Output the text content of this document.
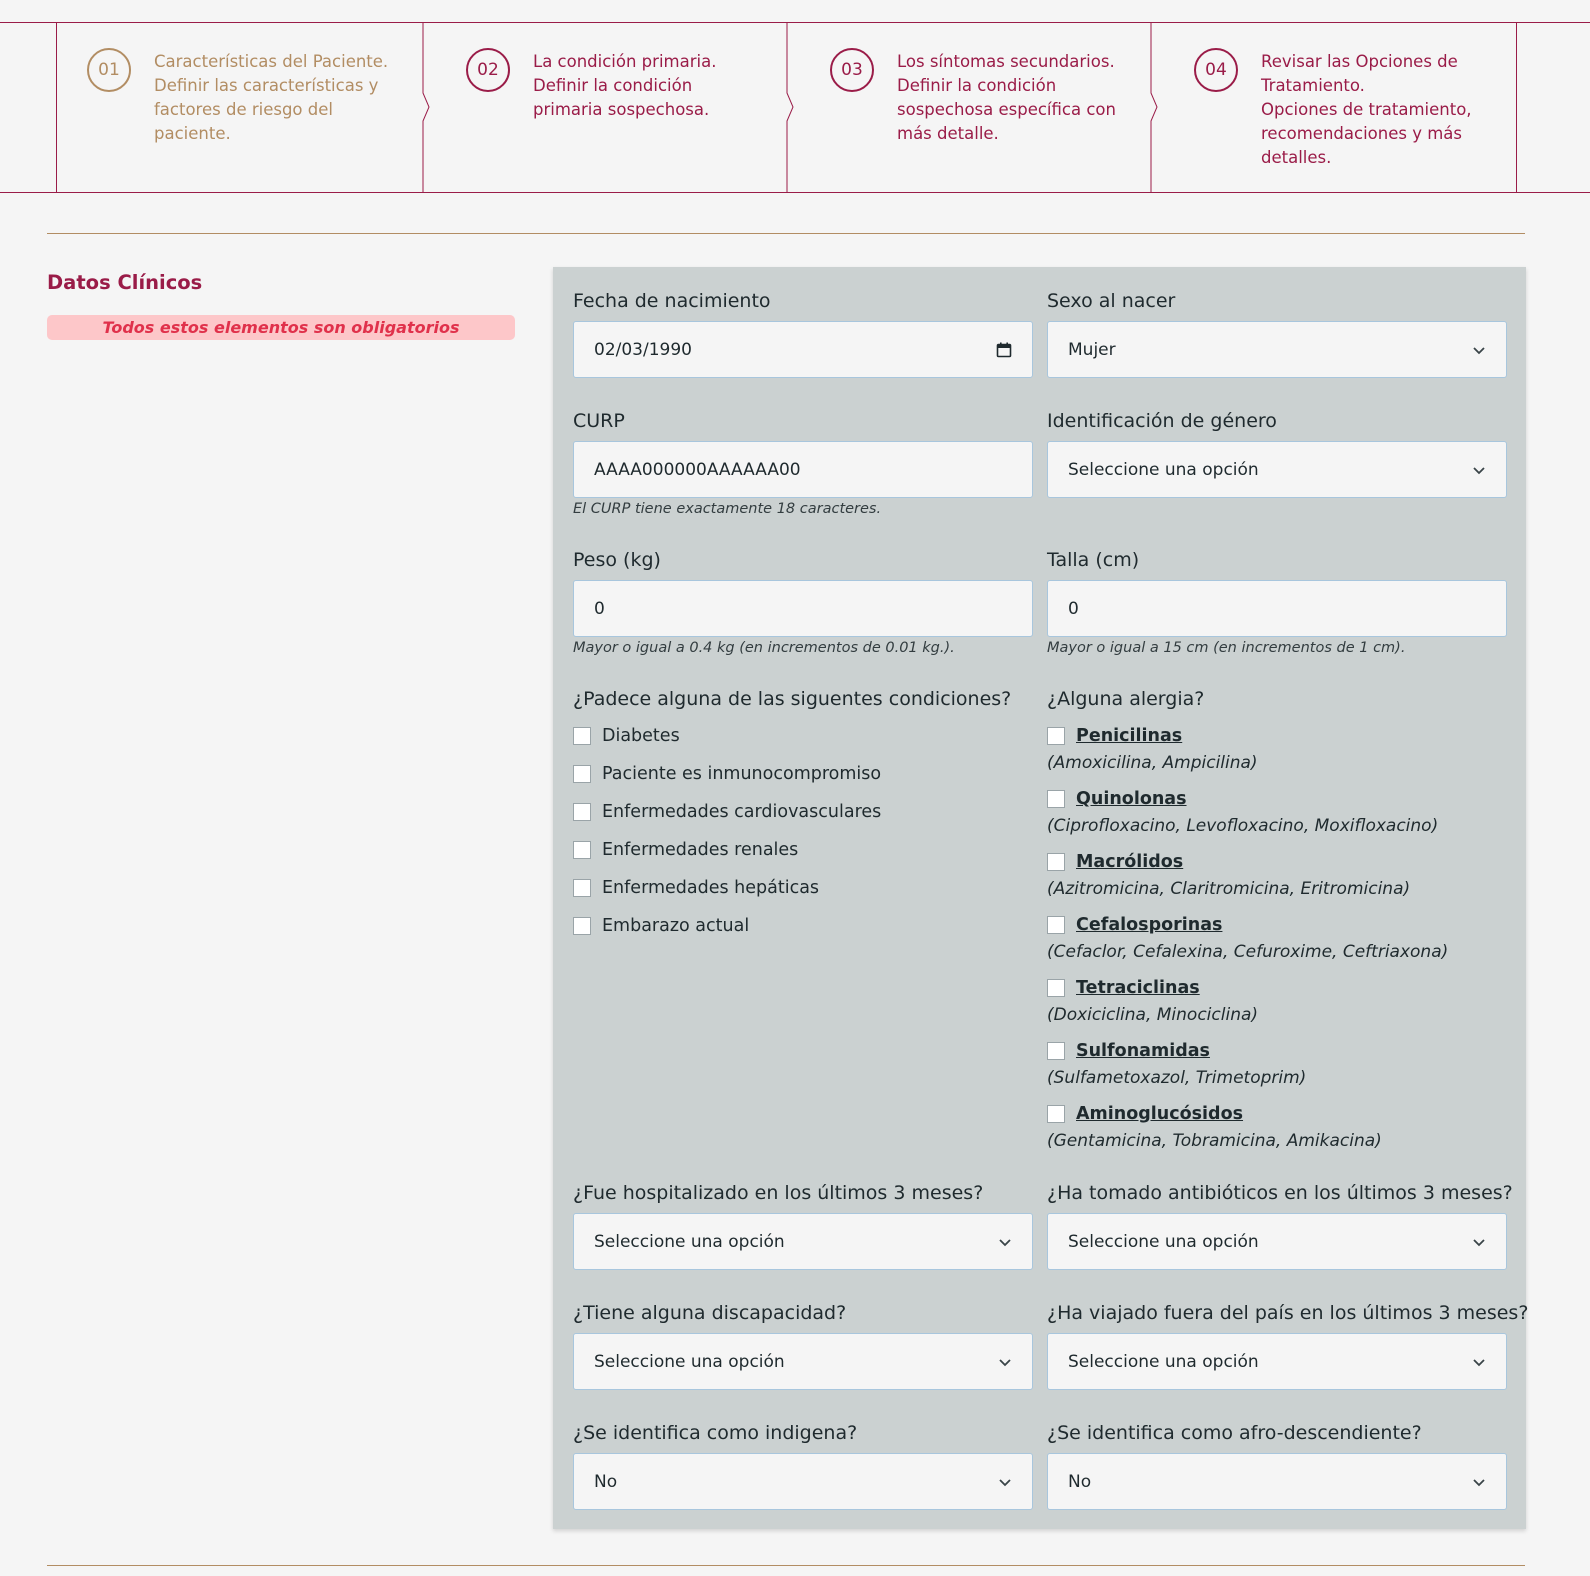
01	Características del Paciente.
Definir las características y
factores de riesgo del
paciente.
02	La condición primaria.
Definir la condición
primaria sospechosa.
03	Los síntomas secundarios.
Definir la condición
sospechosa específica con
más detalle.
04	Revisar las Opciones de
Tratamiento.
Opciones de tratamiento,
recomendaciones y más
detalles.
Datos Clínicos
Todos estos elementos son obligatorios
Fecha de nacimiento
02/03/1990
Sexo al nacer
Mujer
CURP
AAAA000000AAAAAA00
El CURP tiene exactamente 18 caracteres.
Identificación de género
Seleccione una opción
Peso (kg)
0
Mayor o igual a 0.4 kg (en incrementos de 0.01 kg.).
Talla (cm)
0
Mayor o igual a 15 cm (en incrementos de 1 cm).
¿Padece alguna de las siguentes condiciones?
Diabetes
Paciente es inmunocompromiso
Enfermedades cardiovasculares
Enfermedades renales
Enfermedades hepáticas
Embarazo actual
¿Alguna alergia?
Penicilinas
(Amoxicilina, Ampicilina)
Quinolonas
(Ciprofloxacino, Levofloxacino, Moxifloxacino)
Macrólidos
(Azitromicina, Claritromicina, Eritromicina)
Cefalosporinas
(Cefaclor, Cefalexina, Cefuroxime, Ceftriaxona)
Tetraciclinas
(Doxiciclina, Minociclina)
Sulfonamidas
(Sulfametoxazol, Trimetoprim)
Aminoglucósidos
(Gentamicina, Tobramicina, Amikacina)
¿Fue hospitalizado en los últimos 3 meses?
Seleccione una opción
¿Ha tomado antibióticos en los últimos 3 meses?
Seleccione una opción
¿Tiene alguna discapacidad?
Seleccione una opción
¿Ha viajado fuera del país en los últimos 3 meses?
Seleccione una opción
¿Se identifica como indigena?
No
¿Se identifica como afro-descendiente?
No
